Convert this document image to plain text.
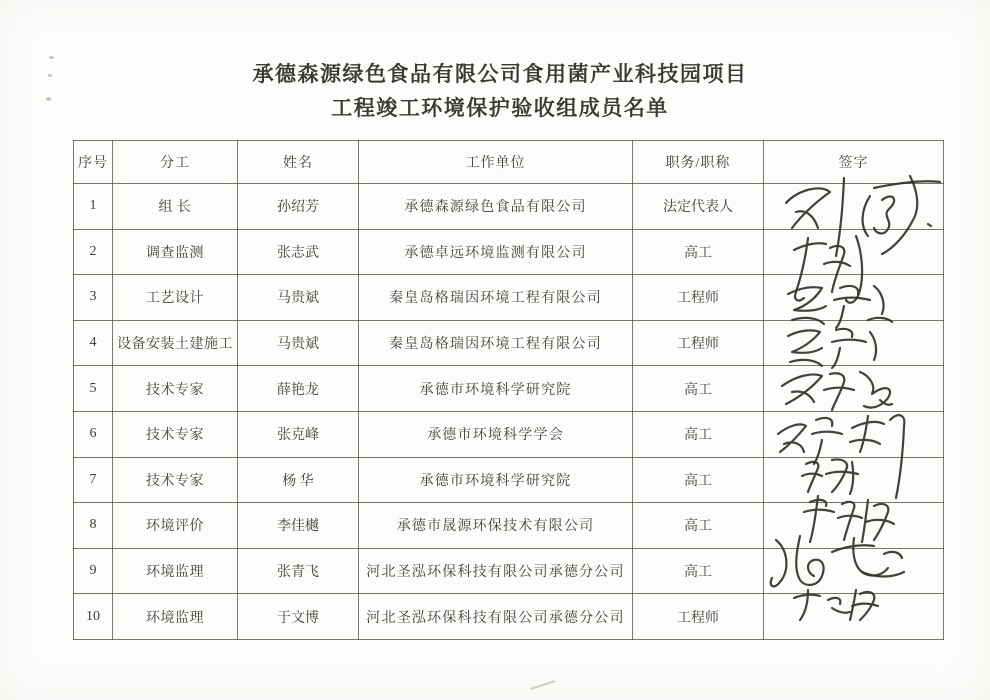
承德森源绿色食品有限公司食用菌产业科技园项目
工程竣工环境保护验收组成员名单
序号	分工	姓名	工作单位	职务/职称	签字
1	组 长	孙绍芳	承德森源绿色食品有限公司	法定代表人	
2	调查监测	张志武	承德卓远环境监测有限公司	高工	
3	工艺设计	马贵斌	秦皇岛格瑞因环境工程有限公司	工程师	
4	设备安装土建施工	马贵斌	秦皇岛格瑞因环境工程有限公司	工程师	
5	技术专家	薛艳龙	承德市环境科学研究院	高工	
6	技术专家	张克峰	承德市环境科学学会	高工	
7	技术专家	杨 华	承德市环境科学研究院	高工	
8	环境评价	李佳樾	承德市晟源环保技术有限公司	高工	
9	环境监理	张青飞	河北圣泓环保科技有限公司承德分公司	高工	
10	环境监理	于文博	河北圣泓环保科技有限公司承德分公司	工程师	
